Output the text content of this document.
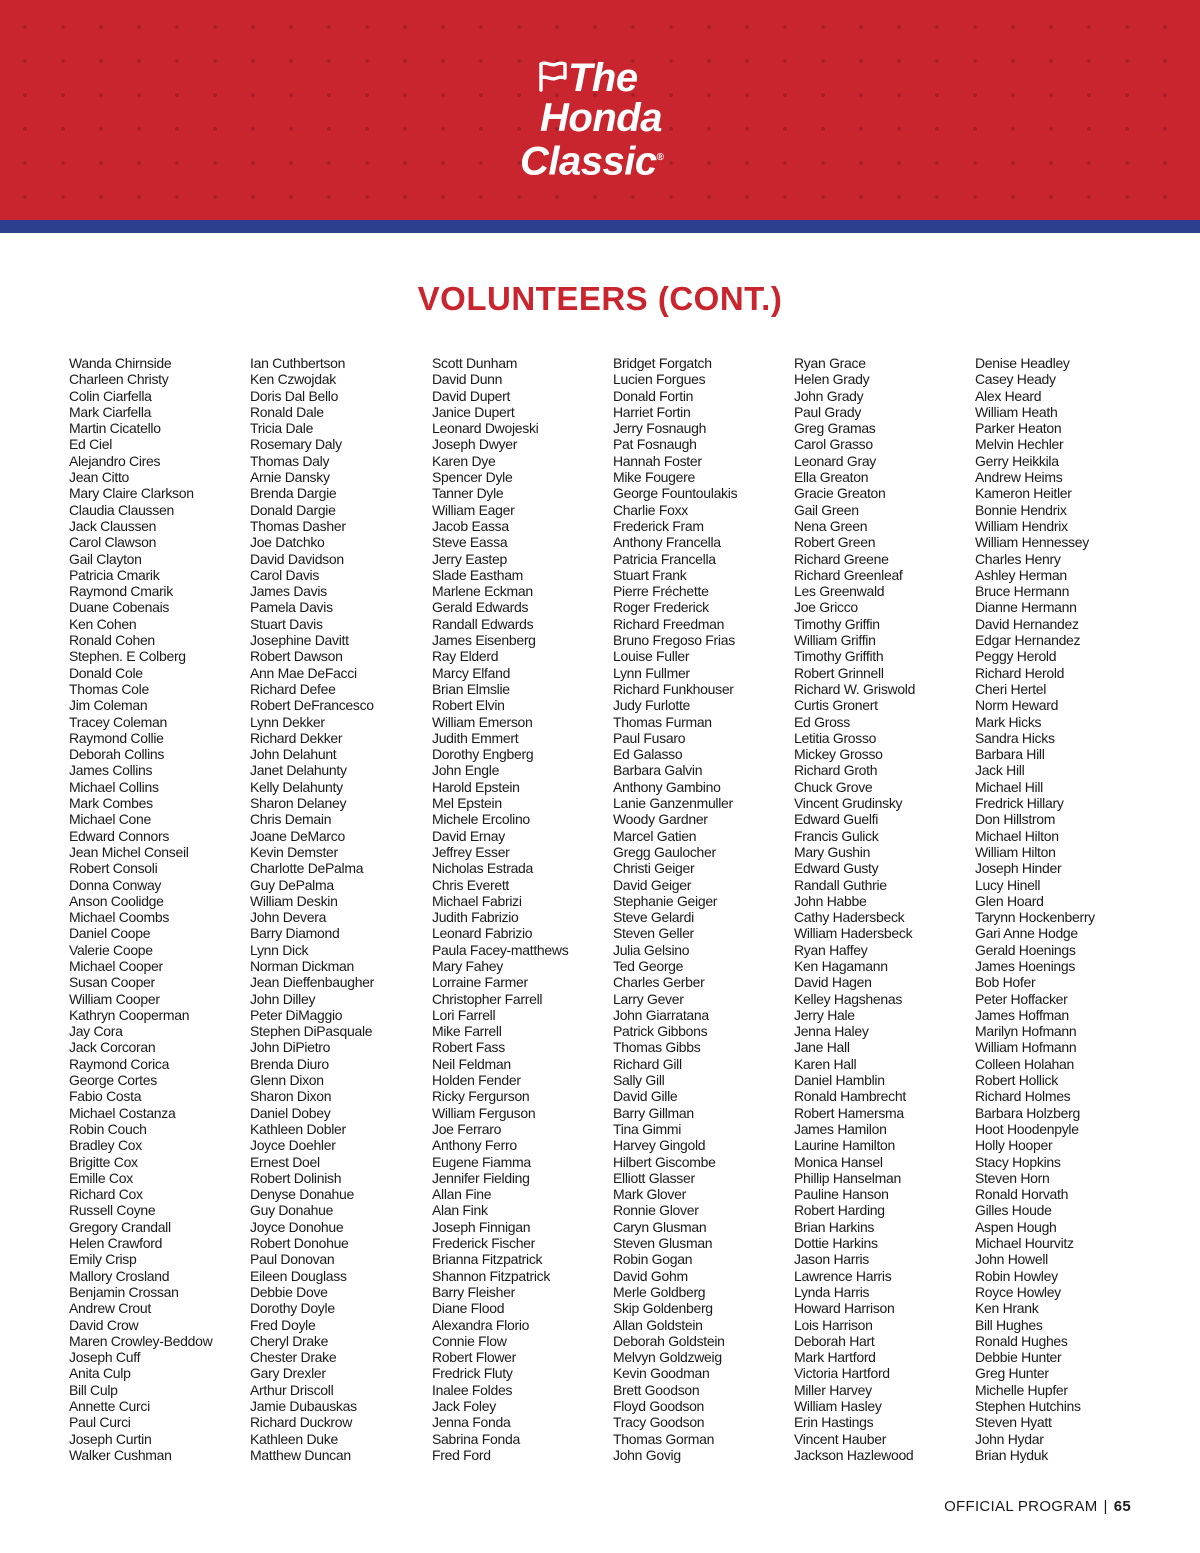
The
Honda
Classic®
VOLUNTEERS (CONT.)
Wanda Chirnside
Charleen Christy
Colin Ciarfella
Mark Ciarfella
Martin Cicatello
Ed Ciel
Alejandro Cires
Jean Citto
Mary Claire Clarkson
Claudia Claussen
Jack Claussen
Carol Clawson
Gail Clayton
Patricia Cmarik
Raymond Cmarik
Duane Cobenais
Ken Cohen
Ronald Cohen
Stephen. E Colberg
Donald Cole
Thomas Cole
Jim Coleman
Tracey Coleman
Raymond Collie
Deborah Collins
James Collins
Michael Collins
Mark Combes
Michael Cone
Edward Connors
Jean Michel Conseil
Robert Consoli
Donna Conway
Anson Coolidge
Michael Coombs
Daniel Coope
Valerie Coope
Michael Cooper
Susan Cooper
William Cooper
Kathryn Cooperman
Jay Cora
Jack Corcoran
Raymond Corica
George Cortes
Fabio Costa
Michael Costanza
Robin Couch
Bradley Cox
Brigitte Cox
Emille Cox
Richard Cox
Russell Coyne
Gregory Crandall
Helen Crawford
Emily Crisp
Mallory Crosland
Benjamin Crossan
Andrew Crout
David Crow
Maren Crowley-Beddow
Joseph Cuff
Anita Culp
Bill Culp
Annette Curci
Paul Curci
Joseph Curtin
Walker Cushman
Ian Cuthbertson
Ken Czwojdak
Doris Dal Bello
Ronald Dale
Tricia Dale
Rosemary Daly
Thomas Daly
Arnie Dansky
Brenda Dargie
Donald Dargie
Thomas Dasher
Joe Datchko
David Davidson
Carol Davis
James Davis
Pamela Davis
Stuart Davis
Josephine Davitt
Robert Dawson
Ann Mae DeFacci
Richard Defee
Robert DeFrancesco
Lynn Dekker
Richard Dekker
John Delahunt
Janet Delahunty
Kelly Delahunty
Sharon Delaney
Chris Demain
Joane DeMarco
Kevin Demster
Charlotte DePalma
Guy DePalma
William Deskin
John Devera
Barry Diamond
Lynn Dick
Norman Dickman
Jean Dieffenbaugher
John Dilley
Peter DiMaggio
Stephen DiPasquale
John DiPietro
Brenda Diuro
Glenn Dixon
Sharon Dixon
Daniel Dobey
Kathleen Dobler
Joyce Doehler
Ernest Doel
Robert Dolinish
Denyse Donahue
Guy Donahue
Joyce Donohue
Robert Donohue
Paul Donovan
Eileen Douglass
Debbie Dove
Dorothy Doyle
Fred Doyle
Cheryl Drake
Chester Drake
Gary Drexler
Arthur Driscoll
Jamie Dubauskas
Richard Duckrow
Kathleen Duke
Matthew Duncan
Scott Dunham
David Dunn
David Dupert
Janice Dupert
Leonard Dwojeski
Joseph Dwyer
Karen Dye
Spencer Dyle
Tanner Dyle
William Eager
Jacob Eassa
Steve Eassa
Jerry Eastep
Slade Eastham
Marlene Eckman
Gerald Edwards
Randall Edwards
James Eisenberg
Ray Elderd
Marcy Elfand
Brian Elmslie
Robert Elvin
William Emerson
Judith Emmert
Dorothy Engberg
John Engle
Harold Epstein
Mel Epstein
Michele Ercolino
David Ernay
Jeffrey Esser
Nicholas Estrada
Chris Everett
Michael Fabrizi
Judith Fabrizio
Leonard Fabrizio
Paula Facey-matthews
Mary Fahey
Lorraine Farmer
Christopher Farrell
Lori Farrell
Mike Farrell
Robert Fass
Neil Feldman
Holden Fender
Ricky Fergurson
William Ferguson
Joe Ferraro
Anthony Ferro
Eugene Fiamma
Jennifer Fielding
Allan Fine
Alan Fink
Joseph Finnigan
Frederick Fischer
Brianna Fitzpatrick
Shannon Fitzpatrick
Barry Fleisher
Diane Flood
Alexandra Florio
Connie Flow
Robert Flower
Fredrick Fluty
Inalee Foldes
Jack Foley
Jenna Fonda
Sabrina Fonda
Fred Ford
Bridget Forgatch
Lucien Forgues
Donald Fortin
Harriet Fortin
Jerry Fosnaugh
Pat Fosnaugh
Hannah Foster
Mike Fougere
George Fountoulakis
Charlie Foxx
Frederick Fram
Anthony Francella
Patricia Francella
Stuart Frank
Pierre Fréchette
Roger Frederick
Richard Freedman
Bruno Fregoso Frias
Louise Fuller
Lynn Fullmer
Richard Funkhouser
Judy Furlotte
Thomas Furman
Paul Fusaro
Ed Galasso
Barbara Galvin
Anthony Gambino
Lanie Ganzenmuller
Woody Gardner
Marcel Gatien
Gregg Gaulocher
Christi Geiger
David Geiger
Stephanie Geiger
Steve Gelardi
Steven Geller
Julia Gelsino
Ted George
Charles Gerber
Larry Gever
John Giarratana
Patrick Gibbons
Thomas Gibbs
Richard Gill
Sally Gill
David Gille
Barry Gillman
Tina Gimmi
Harvey Gingold
Hilbert Giscombe
Elliott Glasser
Mark Glover
Ronnie Glover
Caryn Glusman
Steven Glusman
Robin Gogan
David Gohm
Merle Goldberg
Skip Goldenberg
Allan Goldstein
Deborah Goldstein
Melvyn Goldzweig
Kevin Goodman
Brett Goodson
Floyd Goodson
Tracy Goodson
Thomas Gorman
John Govig
Ryan Grace
Helen Grady
John Grady
Paul Grady
Greg Gramas
Carol Grasso
Leonard Gray
Ella Greaton
Gracie Greaton
Gail Green
Nena Green
Robert Green
Richard Greene
Richard Greenleaf
Les Greenwald
Joe Gricco
Timothy Griffin
William Griffin
Timothy Griffith
Robert Grinnell
Richard W. Griswold
Curtis Gronert
Ed Gross
Letitia Grosso
Mickey Grosso
Richard Groth
Chuck Grove
Vincent Grudinsky
Edward Guelfi
Francis Gulick
Mary Gushin
Edward Gusty
Randall Guthrie
John Habbe
Cathy Hadersbeck
William Hadersbeck
Ryan Haffey
Ken Hagamann
David Hagen
Kelley Hagshenas
Jerry Hale
Jenna Haley
Jane Hall
Karen Hall
Daniel Hamblin
Ronald Hambrecht
Robert Hamersma
James Hamilon
Laurine Hamilton
Monica Hansel
Phillip Hanselman
Pauline Hanson
Robert Harding
Brian Harkins
Dottie Harkins
Jason Harris
Lawrence Harris
Lynda Harris
Howard Harrison
Lois Harrison
Deborah Hart
Mark Hartford
Victoria Hartford
Miller Harvey
William Hasley
Erin Hastings
Vincent Hauber
Jackson Hazlewood
Denise Headley
Casey Heady
Alex Heard
William Heath
Parker Heaton
Melvin Hechler
Gerry Heikkila
Andrew Heims
Kameron Heitler
Bonnie Hendrix
William Hendrix
William Hennessey
Charles Henry
Ashley Herman
Bruce Hermann
Dianne Hermann
David Hernandez
Edgar Hernandez
Peggy Herold
Richard Herold
Cheri Hertel
Norm Heward
Mark Hicks
Sandra Hicks
Barbara Hill
Jack Hill
Michael Hill
Fredrick Hillary
Don Hillstrom
Michael Hilton
William Hilton
Joseph Hinder
Lucy Hinell
Glen Hoard
Tarynn Hockenberry
Gari Anne Hodge
Gerald Hoenings
James Hoenings
Bob Hofer
Peter Hoffacker
James Hoffman
Marilyn Hofmann
William Hofmann
Colleen Holahan
Robert Hollick
Richard Holmes
Barbara Holzberg
Hoot Hoodenpyle
Holly Hooper
Stacy Hopkins
Steven Horn
Ronald Horvath
Gilles Houde
Aspen Hough
Michael Hourvitz
John Howell
Robin Howley
Royce Howley
Ken Hrank
Bill Hughes
Ronald Hughes
Debbie Hunter
Greg Hunter
Michelle Hupfer
Stephen Hutchins
Steven Hyatt
John Hydar
Brian Hyduk
OFFICIAL PROGRAM | 65
